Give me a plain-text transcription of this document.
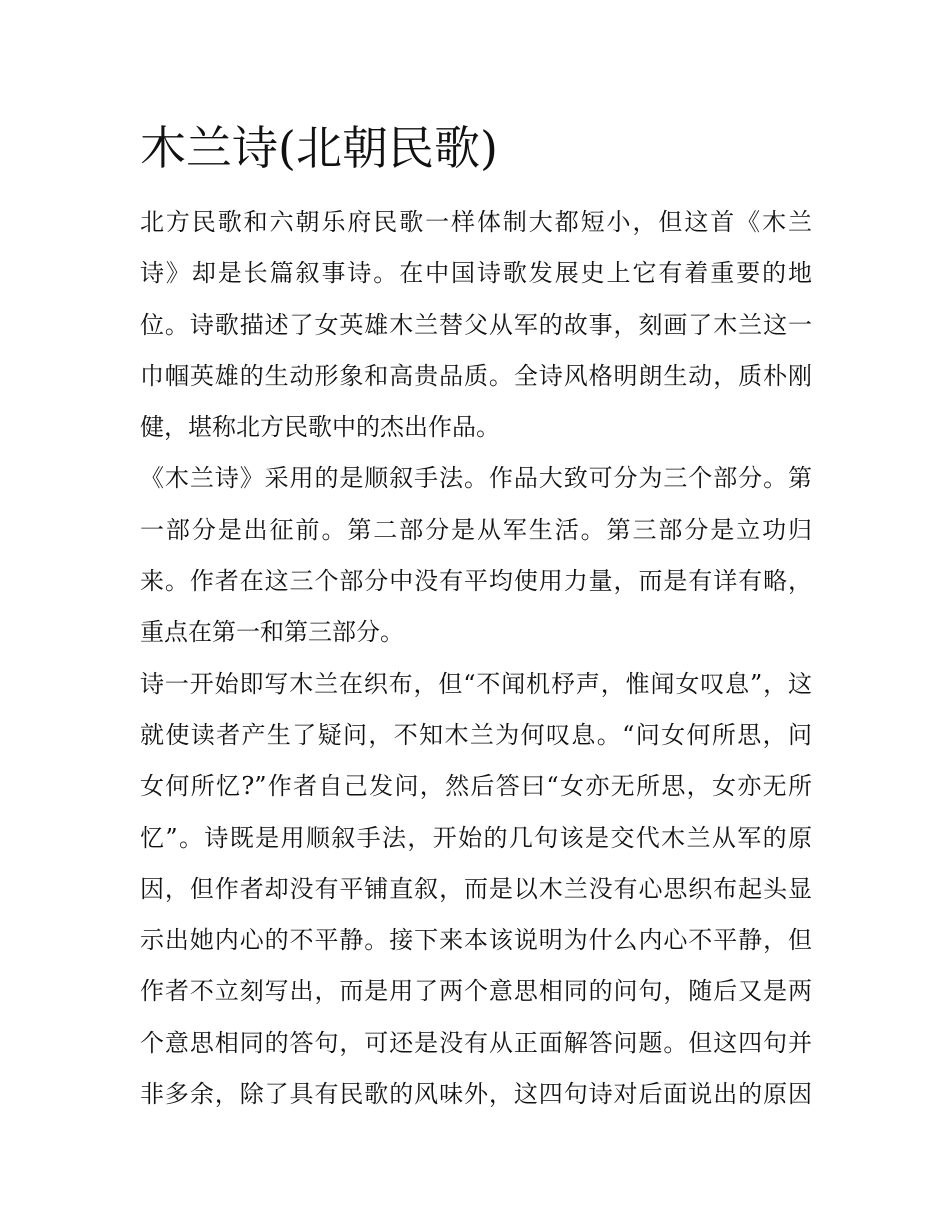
木兰诗(北朝民歌)
北方民歌和六朝乐府民歌一样体制大都短小，但这首《木兰
诗》却是长篇叙事诗。在中国诗歌发展史上它有着重要的地
位。诗歌描述了女英雄木兰替父从军的故事，刻画了木兰这一
巾帼英雄的生动形象和高贵品质。全诗风格明朗生动，质朴刚
健，堪称北方民歌中的杰出作品。
《木兰诗》采用的是顺叙手法。作品大致可分为三个部分。第
一部分是出征前。第二部分是从军生活。第三部分是立功归
来。作者在这三个部分中没有平均使用力量，而是有详有略，
重点在第一和第三部分。
诗一开始即写木兰在织布，但“不闻机杼声，惟闻女叹息”，这
就使读者产生了疑问，不知木兰为何叹息。“问女何所思，问
女何所忆?”作者自己发问，然后答曰“女亦无所思，女亦无所
忆”。诗既是用顺叙手法，开始的几句该是交代木兰从军的原
因，但作者却没有平铺直叙，而是以木兰没有心思织布起头显
示出她内心的不平静。接下来本该说明为什么内心不平静，但
作者不立刻写出，而是用了两个意思相同的问句，随后又是两
个意思相同的答句，可还是没有从正面解答问题。但这四句并
非多余，除了具有民歌的风味外，这四句诗对后面说出的原因
